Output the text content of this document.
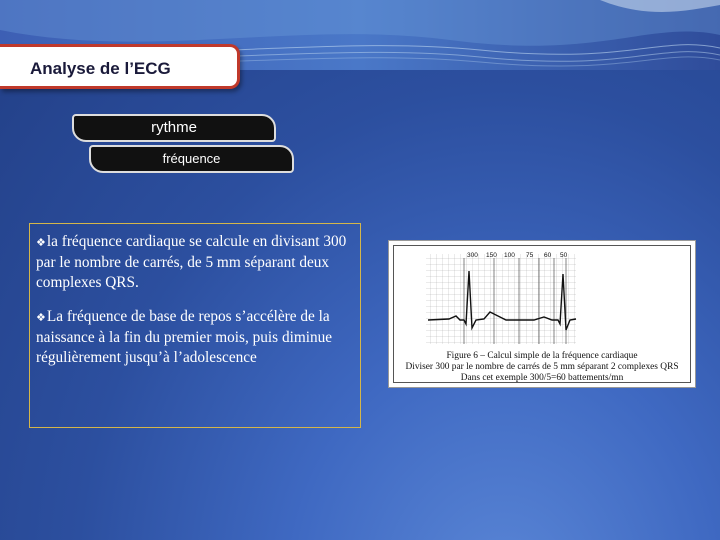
Analyse de l’ECG
rythme
fréquence

❖la fréquence cardiaque se calcule en divisant 300 par le nombre de carrés, de 5 mm séparant deux complexes QRS.

❖La fréquence de base de repos s’accélère de la naissance à la fin du premier mois, puis diminue régulièrement jusqu’à l’adolescence

300 150 100 75 60 50
Figure 6 – Calcul simple de la fréquence cardiaque
Diviser 300 par le nombre de carrés de 5 mm séparant 2 complexes QRS
Dans cet exemple 300/5=60 battements/mn
